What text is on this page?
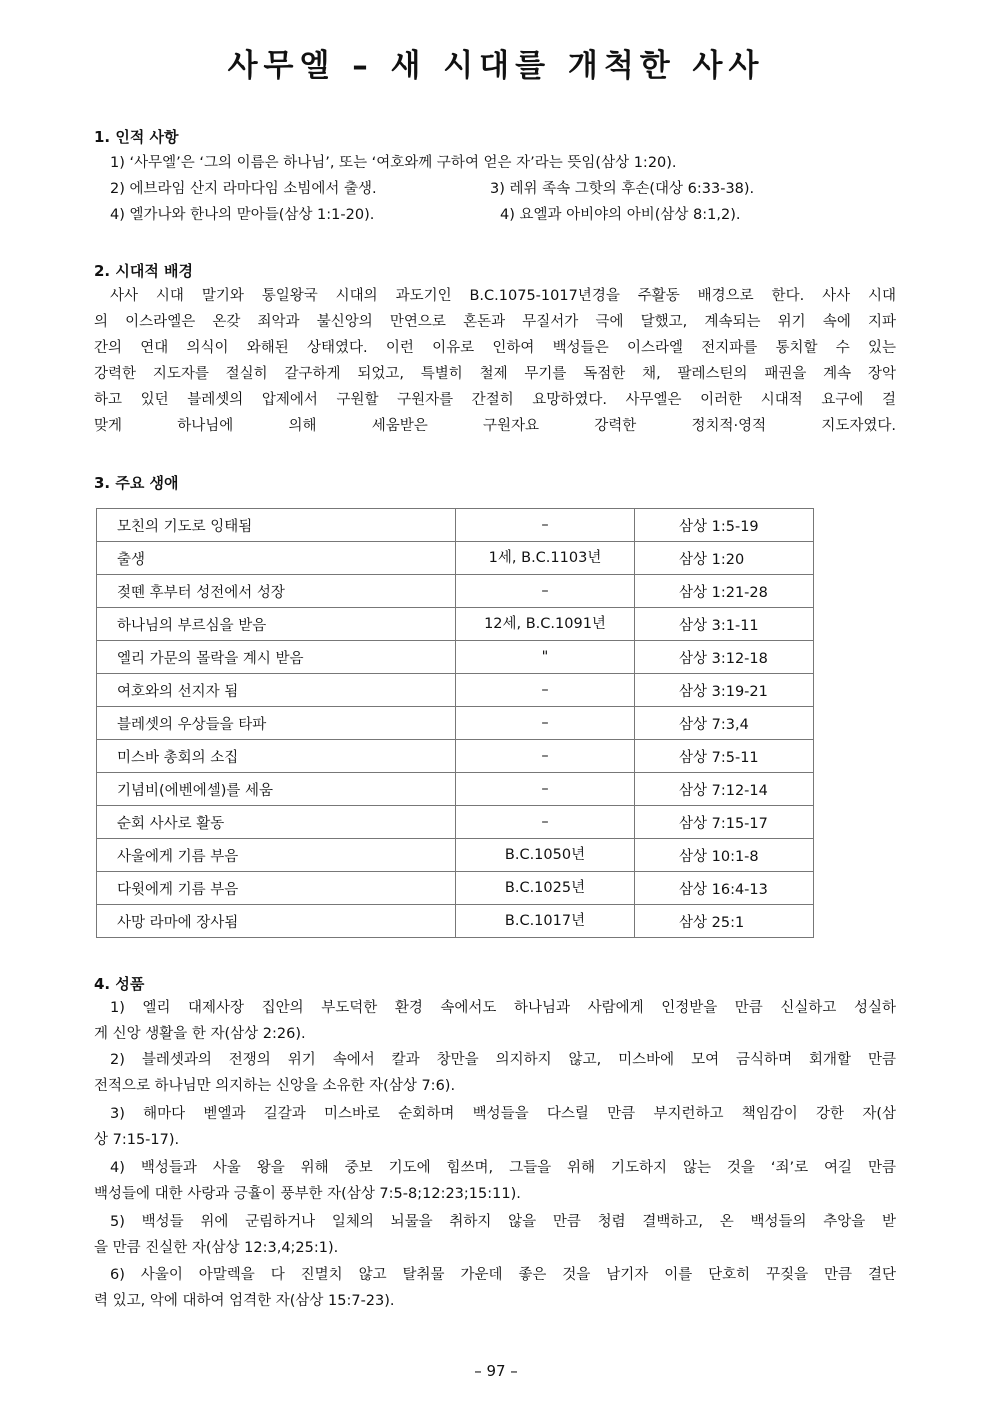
사무엘 – 새 시대를 개척한 사사
1. 인적 사항
1) ‘사무엘’은 ‘그의 이름은 하나님’, 또는 ‘여호와께 구하여 얻은 자’라는 뜻임(삼상 1:20).
2) 에브라임 산지 라마다임 소빔에서 출생.	3) 레위 족속 그핫의 후손(대상 6:33-38).
4) 엘가나와 한나의 맏아들(삼상 1:1-20).	4) 요엘과 아비야의 아비(삼상 8:1,2).
2. 시대적 배경
사사 시대 말기와 통일왕국 시대의 과도기인 B.C.1075-1017년경을 주활동 배경으로 한다. 사사 시대
의 이스라엘은 온갖 죄악과 불신앙의 만연으로 혼돈과 무질서가 극에 달했고, 계속되는 위기 속에 지파
간의 연대 의식이 와해된 상태였다. 이런 이유로 인하여 백성들은 이스라엘 전지파를 통치할 수 있는
강력한 지도자를 절실히 갈구하게 되었고, 특별히 철제 무기를 독점한 채, 팔레스틴의 패권을 계속 장악
하고 있던 블레셋의 압제에서 구원할 구원자를 간절히 요망하였다. 사무엘은 이러한 시대적 요구에 걸
맞게 하나님에 의해 세움받은 구원자요 강력한 정치적·영적 지도자였다.
3. 주요 생애
모친의 기도로 잉태됨	–	삼상 1:5-19
출생	1세, B.C.1103년	삼상 1:20
젖뗀 후부터 성전에서 성장	–	삼상 1:21-28
하나님의 부르심을 받음	12세, B.C.1091년	삼상 3:1-11
엘리 가문의 몰락을 계시 받음	"	삼상 3:12-18
여호와의 선지자 됨	–	삼상 3:19-21
블레셋의 우상들을 타파	–	삼상 7:3,4
미스바 총회의 소집	–	삼상 7:5-11
기념비(에벤에셀)를 세움	–	삼상 7:12-14
순회 사사로 활동	–	삼상 7:15-17
사울에게 기름 부음	B.C.1050년	삼상 10:1-8
다윗에게 기름 부음	B.C.1025년	삼상 16:4-13
사망 라마에 장사됨	B.C.1017년	삼상 25:1
4. 성품
1) 엘리 대제사장 집안의 부도덕한 환경 속에서도 하나님과 사람에게 인정받을 만큼 신실하고 성실하
게 신앙 생활을 한 자(삼상 2:26).
2) 블레셋과의 전쟁의 위기 속에서 칼과 창만을 의지하지 않고, 미스바에 모여 금식하며 회개할 만큼
전적으로 하나님만 의지하는 신앙을 소유한 자(삼상 7:6).
3) 해마다 벧엘과 길갈과 미스바로 순회하며 백성들을 다스릴 만큼 부지런하고 책임감이 강한 자(삼
상 7:15-17).
4) 백성들과 사울 왕을 위해 중보 기도에 힘쓰며, 그들을 위해 기도하지 않는 것을 ‘죄’로 여길 만큼
백성들에 대한 사랑과 긍휼이 풍부한 자(삼상 7:5-8;12:23;15:11).
5) 백성들 위에 군림하거나 일체의 뇌물을 취하지 않을 만큼 청렴 결백하고, 온 백성들의 추앙을 받
을 만큼 진실한 자(삼상 12:3,4;25:1).
6) 사울이 아말렉을 다 진멸치 않고 탈취물 가운데 좋은 것을 남기자 이를 단호히 꾸짖을 만큼 결단
력 있고, 악에 대하여 엄격한 자(삼상 15:7-23).
– 97 –
